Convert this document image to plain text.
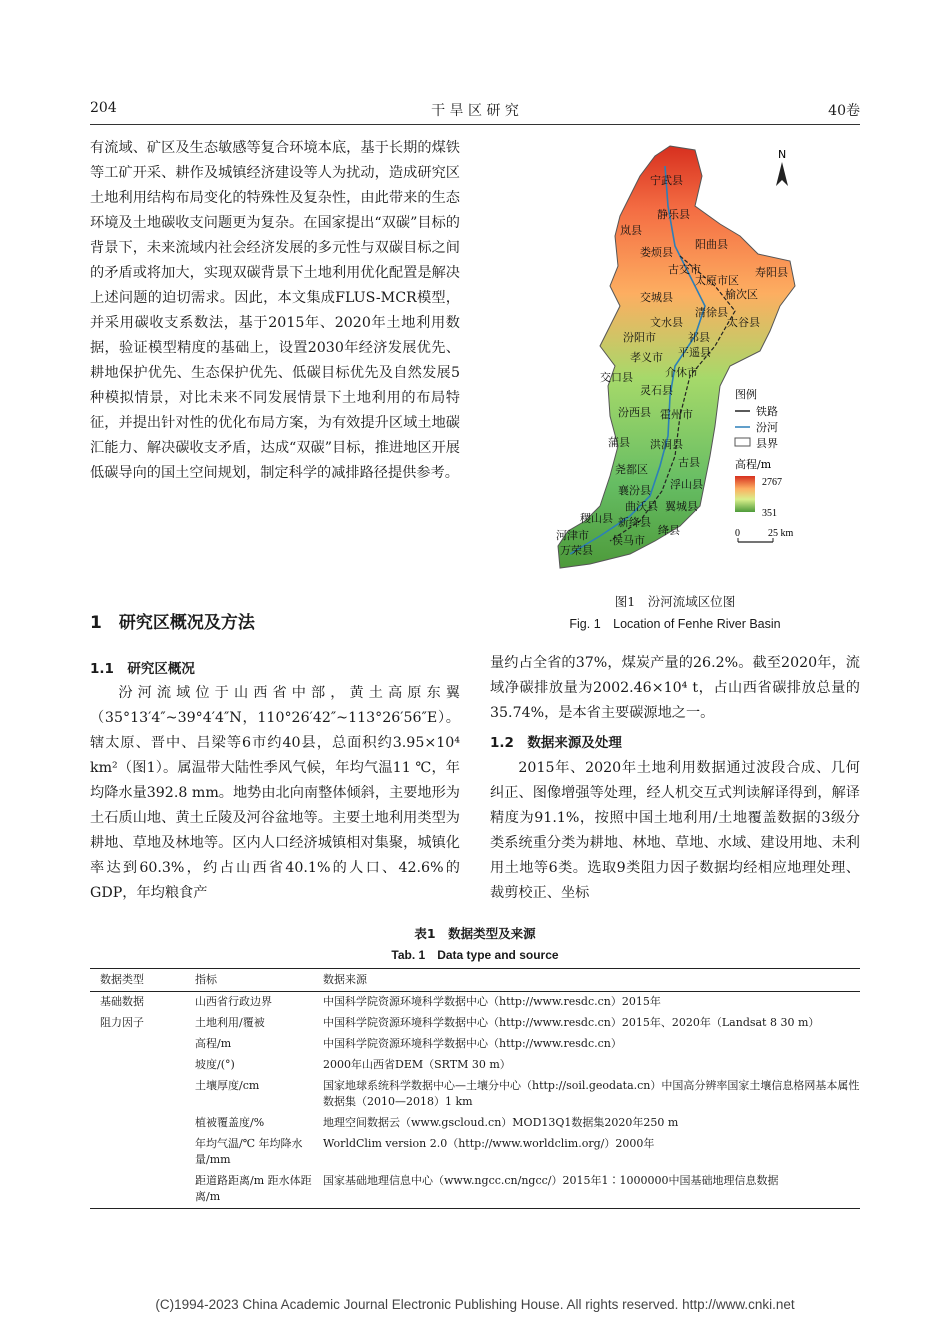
204	干 旱 区 研 究	40卷

有流域、矿区及生态敏感等复合环境本底，基于长期的煤铁等工矿开采、耕作及城镇经济建设等人为扰动，造成研究区土地利用结构布局变化的特殊性及复杂性，由此带来的生态环境及土地碳收支问题更为复杂。在国家提出“双碳”目标的背景下，未来流域内社会经济发展的多元性与双碳目标之间的矛盾或将加大，实现双碳背景下土地利用优化配置是解决上述问题的迫切需求。因此，本文集成FLUS-MCR模型，并采用碳收支系数法，基于2015年、2020年土地利用数据，验证模型精度的基础上，设置2030年经济发展优先、耕地保护优先、生态保护优先、低碳目标优先及自然发展5种模拟情景，对比未来不同发展情景下土地利用的布局特征，并提出针对性的优化布局方案，为有效提升区域土地碳汇能力、解决碳收支矛盾，达成“双碳”目标，推进地区开展低碳导向的国土空间规划，制定科学的减排路径提供参考。

1　研究区概况及方法
1.1　研究区概况

汾河流域位于山西省中部，黄土高原东翼（35°13′4″~39°4′4″N，110°26′42″~113°26′56″E）。辖太原、晋中、吕梁等6市约40县，总面积约3.95×10⁴ km²（图1）。属温带大陆性季风气候，年均气温11 ℃，年均降水量392.8 mm。地势由北向南整体倾斜，主要地形为土石质山地、黄土丘陵及河谷盆地等。主要土地利用类型为耕地、草地及林地等。区内人口经济城镇相对集聚，城镇化率达到60.3%，约占山西省40.1%的人口、42.6%的GDP，年均粮食产

宁武县
静乐县
岚县
娄烦县
阳曲县
古交市
太原市区
寿阳县
交城县
清徐县
榆次区
太谷县
文水县
汾阳市	祁县
平遥县
孝义市
介休市
交口县
灵石县
汾西县 霍州市
洪洞县
古县
蒲县
尧都区
浮山县
襄汾县
曲沃县 翼城县
稷山县 新绛县
绛县
河津市 侯马市
万荣县
N
图例
铁路
汾河
县界
高程/m
2767
351
0	25 km
图1　汾河流域区位图
Fig. 1　Location of Fenhe River Basin

量约占全省的37%，煤炭产量的26.2%。截至2020年，流域净碳排放量为2002.46×10⁴ t，占山西省碳排放总量的35.74%，是本省主要碳源地之一。

1.2　数据来源及处理

2015年、2020年土地利用数据通过波段合成、几何纠正、图像增强等处理，经人机交互式判读解译得到，解译精度为91.1%，按照中国土地利用/土地覆盖数据的3级分类系统重分类为耕地、林地、草地、水域、建设用地、未利用土地等6类。选取9类阻力因子数据均经相应地理处理、裁剪校正、坐标

表1　数据类型及来源
Tab. 1　Data type and source
数据类型	指标	数据来源
基础数据	山西省行政边界	中国科学院资源环境科学数据中心（http://www.resdc.cn）2015年
阻力因子	土地利用/覆被	中国科学院资源环境科学数据中心（http://www.resdc.cn）2015年、2020年（Landsat 8 30 m）
	高程/m	中国科学院资源环境科学数据中心（http://www.resdc.cn）
	坡度/(°)	2000年山西省DEM（SRTM 30 m）
	土壤厚度/cm	国家地球系统科学数据中心—土壤分中心（http://soil.geodata.cn）中国高分辨率国家土壤信息格网基本属性数据集（2010—2018）1 km
	植被覆盖度/%	地理空间数据云（www.gscloud.cn）MOD13Q1数据集2020年250 m
	年均气温/℃ 年均降水量/mm	WorldClim version 2.0（http://www.worldclim.org/）2000年
	距道路距离/m 距水体距离/m	国家基础地理信息中心（www.ngcc.cn/ngcc/）2015年1∶1000000中国基础地理信息数据
(C)1994-2023 China Academic Journal Electronic Publishing House. All rights reserved. http://www.cnki.net
